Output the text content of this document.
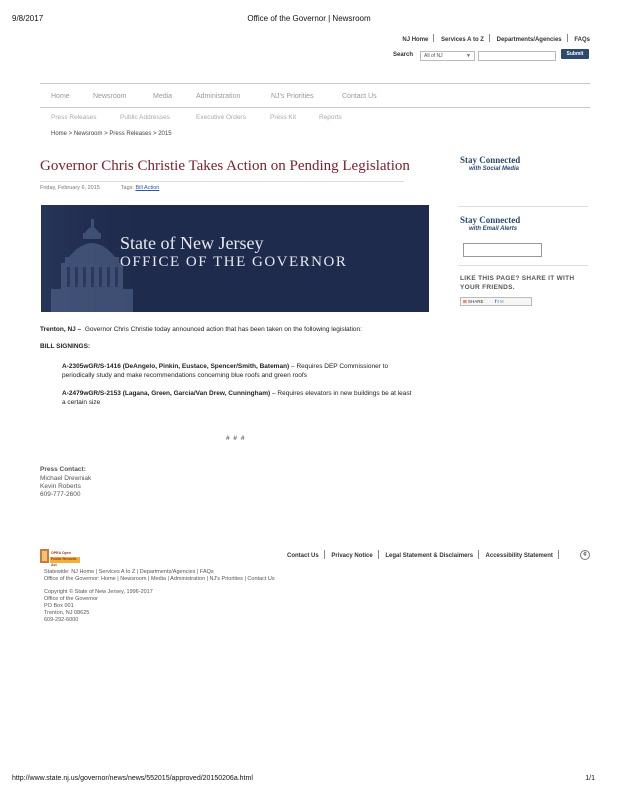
9/8/2017	Office of the Governor | Newsroom
NJ Home Services A to Z Departments/Agencies FAQs
Search	All of NJ	▼	Submit
Home	Newsroom	Media	Administration	NJ's Priorities	Contact Us
Press Releases	Public Addresses	Executive Orders	Press Kit	Reports
Home > Newsroom > Press Releases > 2015
Governor Chris Christie Takes Action on Pending Legislation
Friday, February 6, 2015	Tags: Bill Action
State of New Jersey
OFFICE OF THE GOVERNOR
Trenton, NJ – Governor Chris Christie today announced action that has been taken on the following legislation:
BILL SIGNINGS:
A-2305wGR/S-1416 (DeAngelo, Pinkin, Eustace, Spencer/Smith, Bateman) – Requires DEP Commissioner to periodically study and make recommendations concerning blue roofs and green roofs
A-2479wGR/S-2153 (Lagana, Green, Garcia/Van Drew, Cunningham) – Requires elevators in new buildings be at least a certain size
# # #
Press Contact:
Michael Drewniak
Kevin Roberts
609-777-2600
Stay Connected
with Social Media
Stay Connected
with Email Alerts
LIKE THIS PAGE? SHARE IT WITH YOUR FRIENDS.
⊞ SHARE	ft✉
OPRA Open Public Records Act
Contact Us Privacy Notice Legal Statement & Disclaimers Accessibility Statement	¢
Statewide: NJ Home | Services A to Z | Departments/Agencies | FAQs
Office of the Governor: Home | Newsroom | Media | Administration | NJ's Priorities | Contact Us
Copyright © State of New Jersey, 1996-2017
Office of the Governor
PO Box 001
Trenton, NJ 08625
609-292-6000
http://www.state.nj.us/governor/news/news/552015/approved/20150206a.html	1/1
